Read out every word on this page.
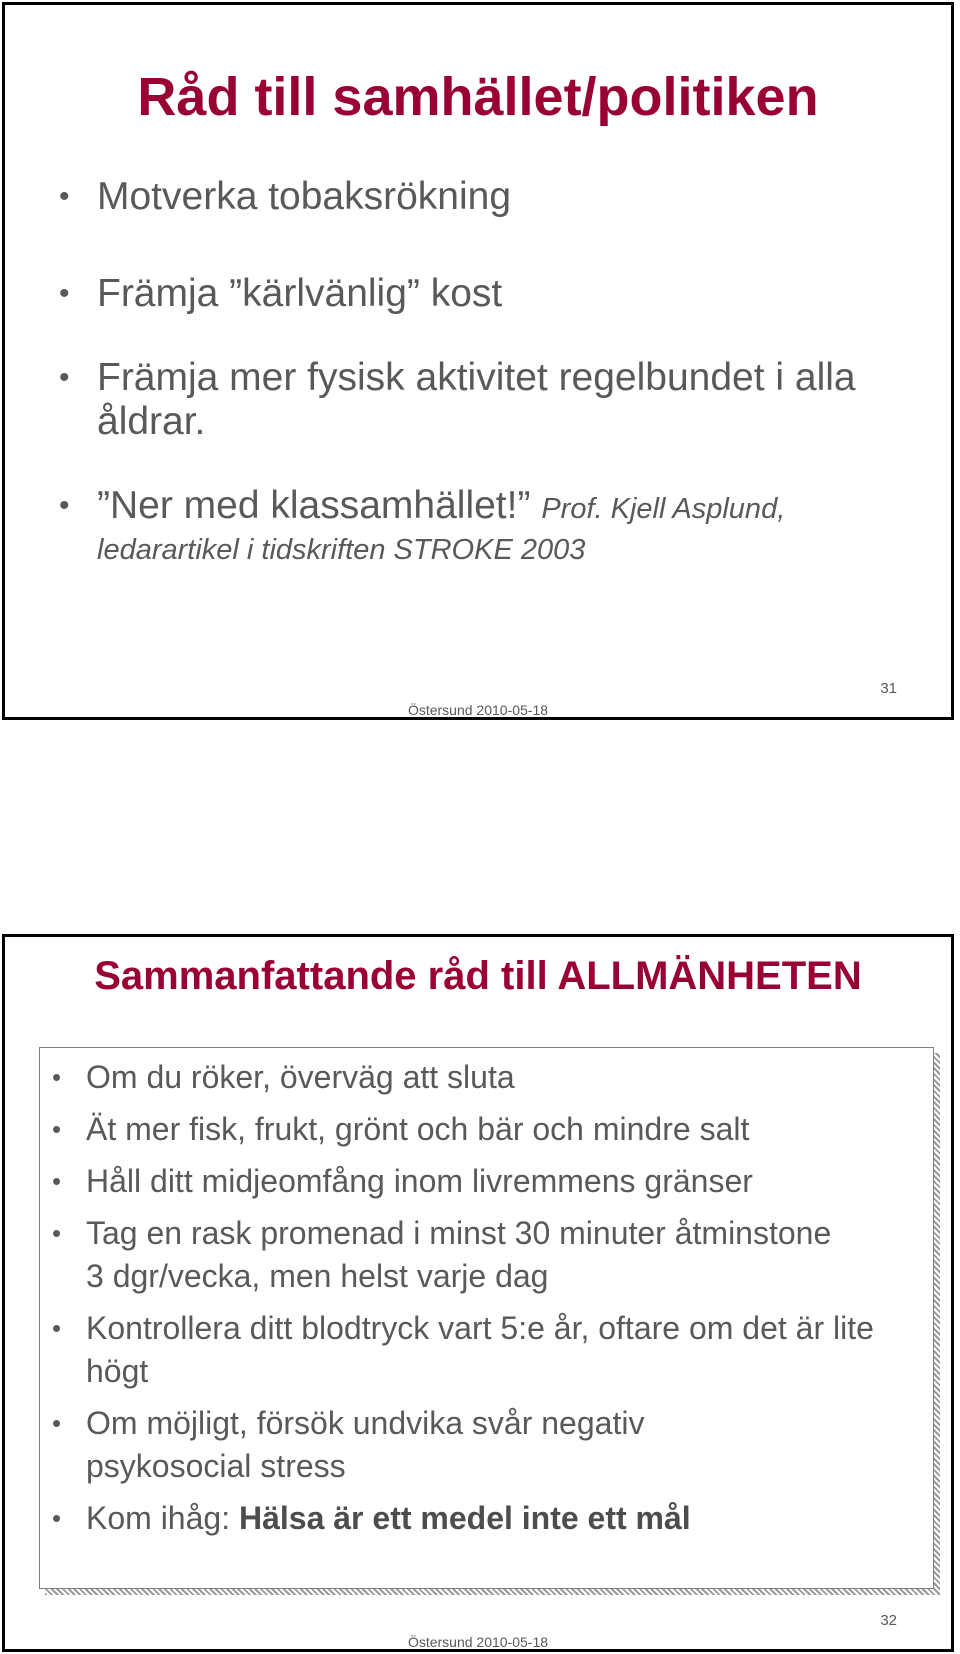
Råd till samhället/politiken
• Motverka tobaksrökning
• Främja ”kärlvänlig” kost
• Främja mer fysisk aktivitet regelbundet i alla åldrar.
• ”Ner med klassamhället!” Prof. Kjell Asplund,
ledarartikel i tidskriften STROKE 2003
31
Östersund 2010-05-18
Sammanfattande råd till ALLMÄNHETEN
• Om du röker, överväg att sluta
• Ät mer fisk, frukt, grönt och bär och mindre salt
• Håll ditt midjeomfång inom livremmens gränser
• Tag en rask promenad i minst 30 minuter åtminstone 3 dgr/vecka, men helst varje dag
• Kontrollera ditt blodtryck vart 5:e år, oftare om det är lite högt
• Om möjligt, försök undvika svår negativ psykosocial stress
• Kom ihåg: Hälsa är ett medel inte ett mål
32
Östersund 2010-05-18
